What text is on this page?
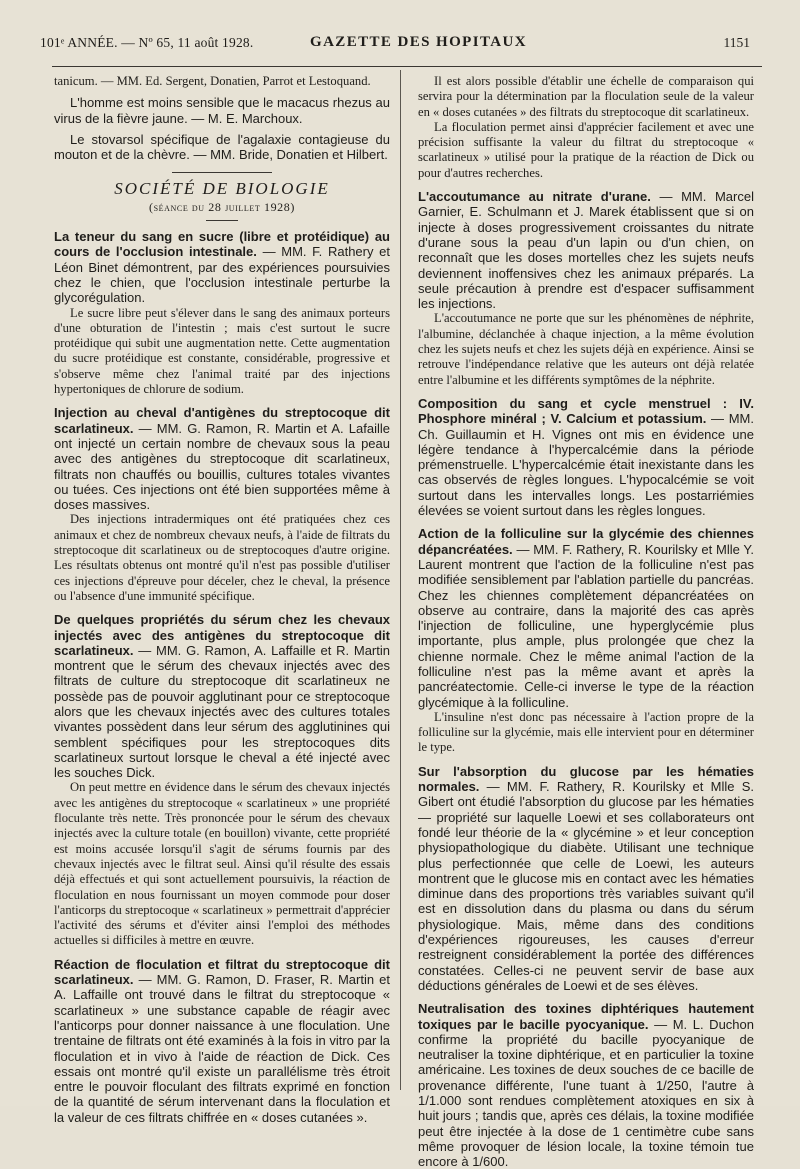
101ᵉ ANNÉE. — Nº 65, 11 août 1928.	GAZETTE DES HOPITAUX	1151

tanicum. — MM. Ed. Sergent, Donatien, Parrot et Lestoquand.

L'homme est moins sensible que le macacus rhezus au virus de la fièvre jaune. — M. E. Marchoux.

Le stovarsol spécifique de l'agalaxie contagieuse du mouton et de la chèvre. — MM. Bride, Donatien et Hilbert.

SOCIÉTÉ DE BIOLOGIE
(séance du 28 juillet 1928)
La teneur du sang en sucre (libre et protéidique) au cours de l'occlusion intestinale. — MM. F. Rathery et Léon Binet démontrent, par des expériences poursuivies chez le chien, que l'occlusion intestinale perturbe la glycorégulation.

Le sucre libre peut s'élever dans le sang des animaux porteurs d'une obturation de l'intestin ; mais c'est surtout le sucre protéidique qui subit une augmentation nette. Cette augmentation du sucre protéidique est constante, considérable, progressive et s'observe même chez l'animal traité par des injections hypertoniques de chlorure de sodium.

Injection au cheval d'antigènes du streptocoque dit scarlatineux. — MM. G. Ramon, R. Martin et A. Lafaille ont injecté un certain nombre de chevaux sous la peau avec des antigènes du streptocoque dit scarlatineux, filtrats non chauffés ou bouillis, cultures totales vivantes ou tuées. Ces injections ont été bien supportées même à doses massives.

Des injections intradermiques ont été pratiquées chez ces animaux et chez de nombreux chevaux neufs, à l'aide de filtrats du streptocoque dit scarlatineux ou de streptocoques d'autre origine. Les résultats obtenus ont montré qu'il n'est pas possible d'utiliser ces injections d'épreuve pour déceler, chez le cheval, la présence ou l'absence d'une immunité spécifique.

De quelques propriétés du sérum chez les chevaux injectés avec des antigènes du streptocoque dit scarlatineux. — MM. G. Ramon, A. Laffaille et R. Martin montrent que le sérum des chevaux injectés avec des filtrats de culture du streptocoque dit scarlatineux ne possède pas de pouvoir agglutinant pour ce streptocoque alors que les chevaux injectés avec des cultures totales vivantes possèdent dans leur sérum des agglutinines qui semblent spécifiques pour les streptocoques dits scarlatineux surtout lorsque le cheval a été injecté avec les souches Dick.

On peut mettre en évidence dans le sérum des chevaux injectés avec les antigènes du streptocoque « scarlatineux » une propriété floculante très nette. Très prononcée pour le sérum des chevaux injectés avec la culture totale (en bouillon) vivante, cette propriété est moins accusée lorsqu'il s'agit de sérums fournis par des chevaux injectés avec le filtrat seul. Ainsi qu'il résulte des essais déjà effectués et qui sont actuellement poursuivis, la réaction de floculation en nous fournissant un moyen commode pour doser l'anticorps du streptocoque « scarlatineux » permettrait d'apprécier l'activité des sérums et d'éviter ainsi l'emploi des méthodes actuelles si difficiles à mettre en œuvre.

Réaction de floculation et filtrat du streptocoque dit scarlatineux. — MM. G. Ramon, D. Fraser, R. Martin et A. Laffaille ont trouvé dans le filtrat du streptocoque « scarlatineux » une substance capable de réagir avec l'anticorps pour donner naissance à une floculation. Une trentaine de filtrats ont été examinés à la fois in vitro par la floculation et in vivo à l'aide de réaction de Dick. Ces essais ont montré qu'il existe un parallélisme très étroit entre le pouvoir floculant des filtrats exprimé en fonction de la quantité de sérum intervenant dans la floculation et la valeur de ces filtrats chiffrée en « doses cutanées ».

Il est alors possible d'établir une échelle de comparaison qui servira pour la détermination par la floculation seule de la valeur en « doses cutanées » des filtrats du streptocoque dit scarlatineux.

La floculation permet ainsi d'apprécier facilement et avec une précision suffisante la valeur du filtrat du streptocoque « scarlatineux » utilisé pour la pratique de la réaction de Dick ou pour d'autres recherches.

L'accoutumance au nitrate d'urane. — MM. Marcel Garnier, E. Schulmann et J. Marek établissent que si on injecte à doses progressivement croissantes du nitrate d'urane sous la peau d'un lapin ou d'un chien, on reconnaît que les doses mortelles chez les sujets neufs deviennent inoffensives chez les animaux préparés. La seule précaution à prendre est d'espacer suffisamment les injections.

L'accoutumance ne porte que sur les phénomènes de néphrite, l'albumine, déclanchée à chaque injection, a la même évolution chez les sujets neufs et chez les sujets déjà en expérience. Ainsi se retrouve l'indépendance relative que les auteurs ont déjà relatée entre l'albumine et les différents symptômes de la néphrite.

Composition du sang et cycle menstruel : IV. Phosphore minéral ; V. Calcium et potassium. — MM. Ch. Guillaumin et H. Vignes ont mis en évidence une légère tendance à l'hypercalcémie dans la période prémenstruelle. L'hypercalcémie était inexistante dans les cas observés de règles longues. L'hypocalcémie se voit surtout dans les intervalles longs. Les postarriémies élevées se voient surtout dans les règles longues.
Action de la folliculine sur la glycémie des chiennes dépancréatées. — MM. F. Rathery, R. Kourilsky et Mlle Y. Laurent montrent que l'action de la folliculine n'est pas modifiée sensiblement par l'ablation partielle du pancréas. Chez les chiennes complètement dépancréatées on observe au contraire, dans la majorité des cas après l'injection de folliculine, une hyperglycémie plus importante, plus ample, plus prolongée que chez la chienne normale. Chez le même animal l'action de la folliculine n'est pas la même avant et après la pancréatectomie. Celle-ci inverse le type de la réaction glycémique à la folliculine.

L'insuline n'est donc pas nécessaire à l'action propre de la folliculine sur la glycémie, mais elle intervient pour en déterminer le type.

Sur l'absorption du glucose par les hématies normales. — MM. F. Rathery, R. Kourilsky et Mlle S. Gibert ont étudié l'absorption du glucose par les hématies — propriété sur laquelle Loewi et ses collaborateurs ont fondé leur théorie de la « glycémine » et leur conception physiopathologique du diabète. Utilisant une technique plus perfectionnée que celle de Loewi, les auteurs montrent que le glucose mis en contact avec les hématies diminue dans des proportions très variables suivant qu'il est en dissolution dans du plasma ou dans du sérum physiologique. Mais, même dans des conditions d'expériences rigoureuses, les causes d'erreur restreignent considérablement la portée des différences constatées. Celles-ci ne peuvent servir de base aux déductions générales de Loewi et de ses élèves.
Neutralisation des toxines diphtériques hautement toxiques par le bacille pyocyanique. — M. L. Duchon confirme la propriété du bacille pyocyanique de neutraliser la toxine diphtérique, et en particulier la toxine américaine. Les toxines de deux souches de ce bacille de provenance différente, l'une tuant à 1/250, l'autre à 1/1.000 sont rendues complètement atoxiques en six à huit jours ; tandis que, après ces délais, la toxine modifiée peut être injectée à la dose de 1 centimètre cube sans même provoquer de lésion locale, la toxine témoin tue encore à 1/600.
